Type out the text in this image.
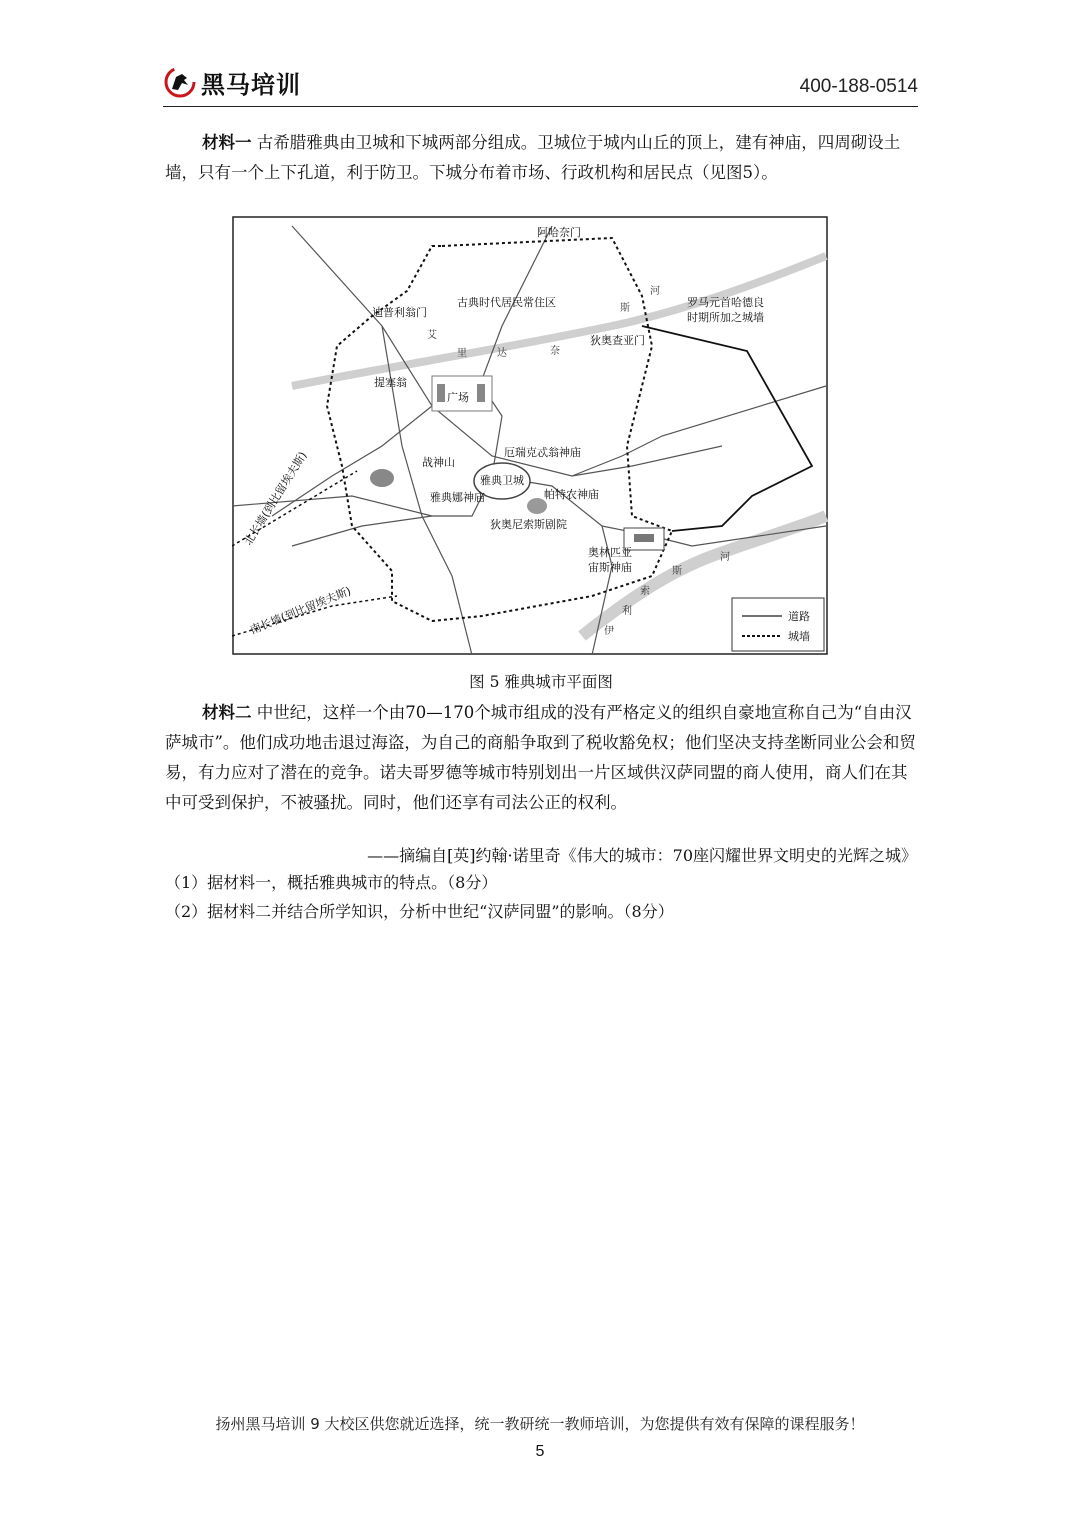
黑马培训	400-188-0514

材料一 古希腊雅典由卫城和下城两部分组成。卫城位于城内山丘的顶上，建有神庙，四周砌设土墙，只有一个上下孔道，利于防卫。下城分布着市场、行政机构和居民点（见图5）。

阿哈奈门
古典时代居民常住区
迪普利翁门
罗马元首哈德良
时期所加之城墙
狄奥查亚门
艾
里	达	奈
斯
河
提塞翁
广场
战神山
厄瑞克忒翁神庙
雅典卫城
帕特农神庙
雅典娜神庙
狄奥尼索斯剧院
奥林匹亚
宙斯神庙
北长墙(到比留埃夫斯)
南长墙(到比留埃夫斯)	伊
利
索
斯
河
道路
城墙
图 5 雅典城市平面图

材料二 中世纪，这样一个由70—170个城市组成的没有严格定义的组织自豪地宣称自己为“自由汉萨城市”。他们成功地击退过海盗，为自己的商船争取到了税收豁免权；他们坚决支持垄断同业公会和贸易，有力应对了潜在的竞争。诺夫哥罗德等城市特别划出一片区域供汉萨同盟的商人使用，商人们在其中可受到保护，不被骚扰。同时，他们还享有司法公正的权利。

——摘编自[英]约翰·诺里奇《伟大的城市：70座闪耀世界文明史的光辉之城》
（1）据材料一，概括雅典城市的特点。（8分）
（2）据材料二并结合所学知识，分析中世纪“汉萨同盟”的影响。（8分）
扬州黑马培训 9 大校区供您就近选择，统一教研统一教师培训，为您提供有效有保障的课程服务！
5
